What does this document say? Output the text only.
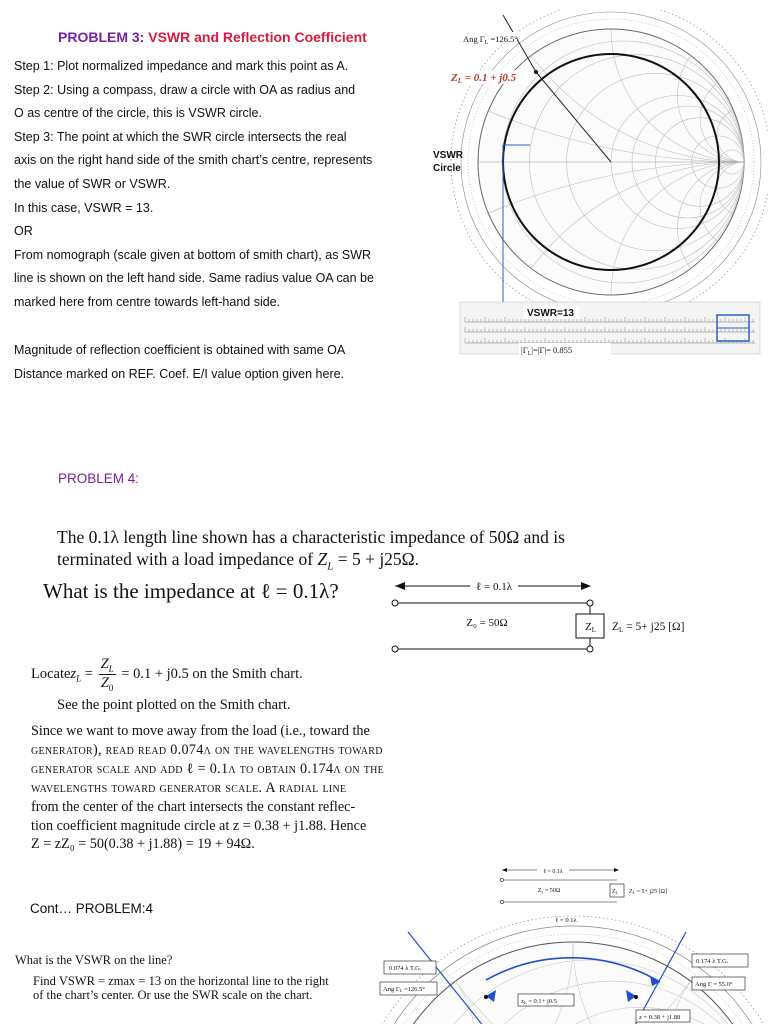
PROBLEM 3: VSWR and Reflection Coefficient
Step 1: Plot normalized impedance and mark this point as A.
Step 2: Using a compass, draw a circle with OA as radius and
O as centre of the circle, this is VSWR circle.
Step 3: The point at which the SWR circle intersects the real
axis on the right hand side of the smith chart’s centre, represents
the value of SWR or VSWR.
In this case, VSWR = 13.
OR
From nomograph (scale given at bottom of smith chart), as SWR
line is shown on the left hand side. Same radius value OA can be
marked here from centre towards left-hand side.
Magnitude of reflection coefficient is obtained with same OA
Distance marked on REF. Coef. E/I value option given here.
Ang $\Gamma_L =126.5^\circ$
ZL = 0.1 + j0.5
VSWR
Circle
VSWR=13
$|\Gamma_L|=|\Gamma|= 0.855$
PROBLEM 4:
The 0.1λ length line shown has a characteristic impedance of 50Ω and is
terminated with a load impedance of $Z_L = 5 + j25\Omega$.
What is the impedance at ℓ = 0.1λ?	ℓ = 0.1λ
ZL
Z₀ = 50Ω	ZL = 5+ j25 [Ω]
Locatez$_L$ = $\frac{Z_L}{Z_0} = 0.1 + j0.5$ on the Smith chart.
See the point plotted on the Smith chart.
Since we want to move away from the load (i.e., toward the
generator), read read 0.074λ on the wavelengths toward
generator scale and add ℓ = 0.1λ to obtain 0.174λ on the
wavelengths toward generator scale. A radial line
from the center of the chart intersects the constant reflec-
tion coefficient magnitude circle at z = 0.38 + j1.88. Hence
Z = zZ₀ = 50(0.38 + j1.88) = 19 + 94Ω.
Cont… PROBLEM:4
What is the VSWR on the line?
Find VSWR = zmax = 13 on the horizontal line to the right
of the chart’s center. Or use the SWR scale on the chart.
ℓ = 0.1λ
ZL
Z₀ = 50Ω	ZL = 5+ j25 [Ω]
ℓ = 0.1λ
0.074 λ T.G.
Ang ΓL =126.5°
0.174 λ T.G.
Ang Γ = 55.0°
zL = 0.1+ j0.5
z = 0.38 + j1.88
